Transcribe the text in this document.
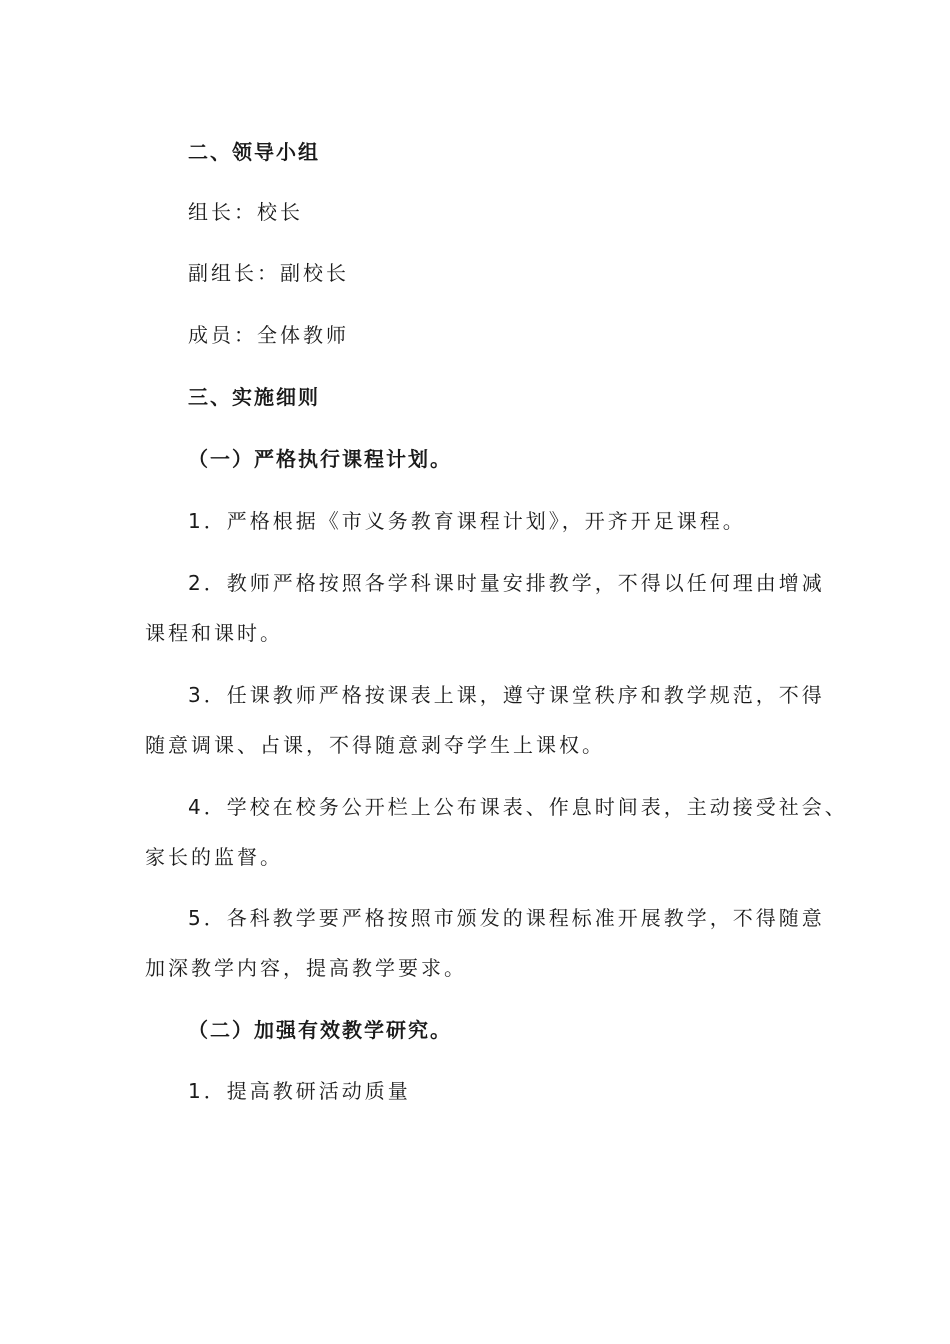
二、领导小组
组长：校长
副组长：副校长
成员：全体教师
三、实施细则
（一）严格执行课程计划。
1．严格根据《市义务教育课程计划》，开齐开足课程。
2．教师严格按照各学科课时量安排教学，不得以任何理由增减
课程和课时。
3．任课教师严格按课表上课，遵守课堂秩序和教学规范，不得
随意调课、占课，不得随意剥夺学生上课权。
4．学校在校务公开栏上公布课表、作息时间表，主动接受社会、
家长的监督。
5．各科教学要严格按照市颁发的课程标准开展教学，不得随意
加深教学内容，提高教学要求。
（二）加强有效教学研究。
1．提高教研活动质量
